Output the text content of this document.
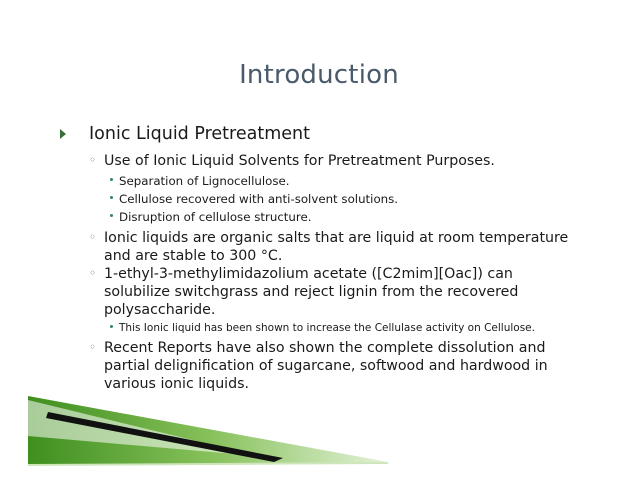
Introduction
Ionic Liquid Pretreatment
◦ Use of Ionic Liquid Solvents for Pretreatment Purposes.
Separation of Lignocellulose.
Cellulose recovered with anti-solvent solutions.
Disruption of cellulose structure.
◦ Ionic liquids are organic salts that are liquid at room temperature
and are stable to 300 °C.
◦ 1-ethyl-3-methylimidazolium acetate ([C2mim][Oac]) can
solubilize switchgrass and reject lignin from the recovered
polysaccharide.
This Ionic liquid has been shown to increase the Cellulase activity on Cellulose.
◦ Recent Reports have also shown the complete dissolution and
partial delignification of sugarcane, softwood and hardwood in
various ionic liquids.
